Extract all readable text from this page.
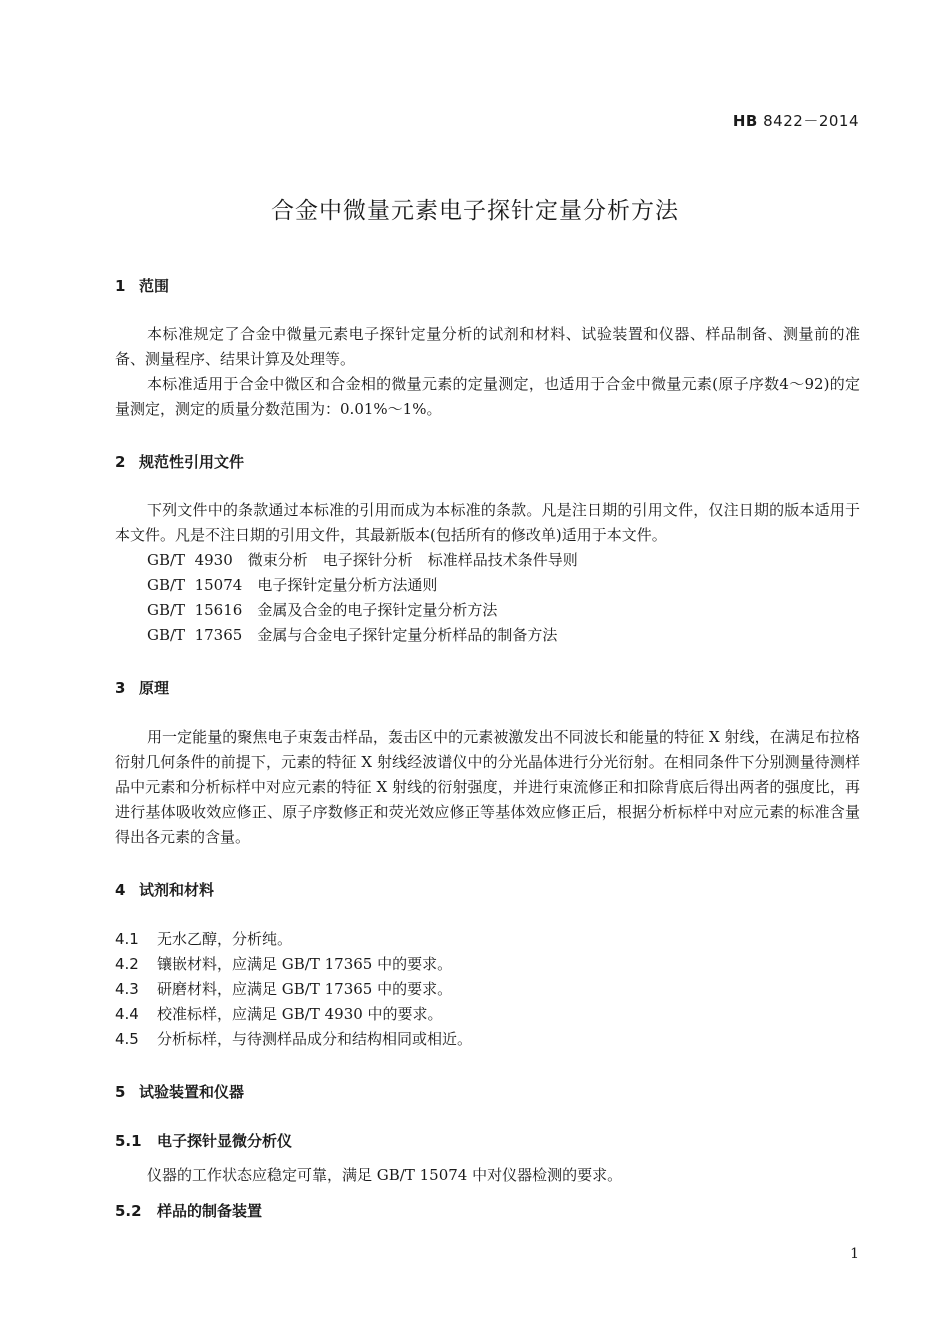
HB 8422－2014
合金中微量元素电子探针定量分析方法
1 范围
本标准规定了合金中微量元素电子探针定量分析的试剂和材料、试验装置和仪器、样品制备、测量前的准备、测量程序、结果计算及处理等。
本标准适用于合金中微区和合金相的微量元素的定量测定，也适用于合金中微量元素(原子序数4～92)的定量测定，测定的质量分数范围为：0.01%～1%。
2 规范性引用文件
下列文件中的条款通过本标准的引用而成为本标准的条款。凡是注日期的引用文件，仅注日期的版本适用于本文件。凡是不注日期的引用文件，其最新版本(包括所有的修改单)适用于本文件。
GB/T  4930　微束分析　电子探针分析　标准样品技术条件导则
GB/T  15074　电子探针定量分析方法通则
GB/T  15616　金属及合金的电子探针定量分析方法
GB/T  17365　金属与合金电子探针定量分析样品的制备方法
3 原理
用一定能量的聚焦电子束轰击样品，轰击区中的元素被激发出不同波长和能量的特征 X 射线，在满足布拉格衍射几何条件的前提下，元素的特征 X 射线经波谱仪中的分光晶体进行分光衍射。在相同条件下分别测量待测样品中元素和分析标样中对应元素的特征 X 射线的衍射强度，并进行束流修正和扣除背底后得出两者的强度比，再进行基体吸收效应修正、原子序数修正和荧光效应修正等基体效应修正后，根据分析标样中对应元素的标准含量得出各元素的含量。
4 试剂和材料
4.1 无水乙醇，分析纯。
4.2 镶嵌材料，应满足 GB/T 17365 中的要求。
4.3 研磨材料，应满足 GB/T 17365 中的要求。
4.4 校准标样，应满足 GB/T 4930 中的要求。
4.5 分析标样，与待测样品成分和结构相同或相近。
5 试验装置和仪器
5.1 电子探针显微分析仪
仪器的工作状态应稳定可靠，满足 GB/T 15074 中对仪器检测的要求。
5.2 样品的制备装置
1
